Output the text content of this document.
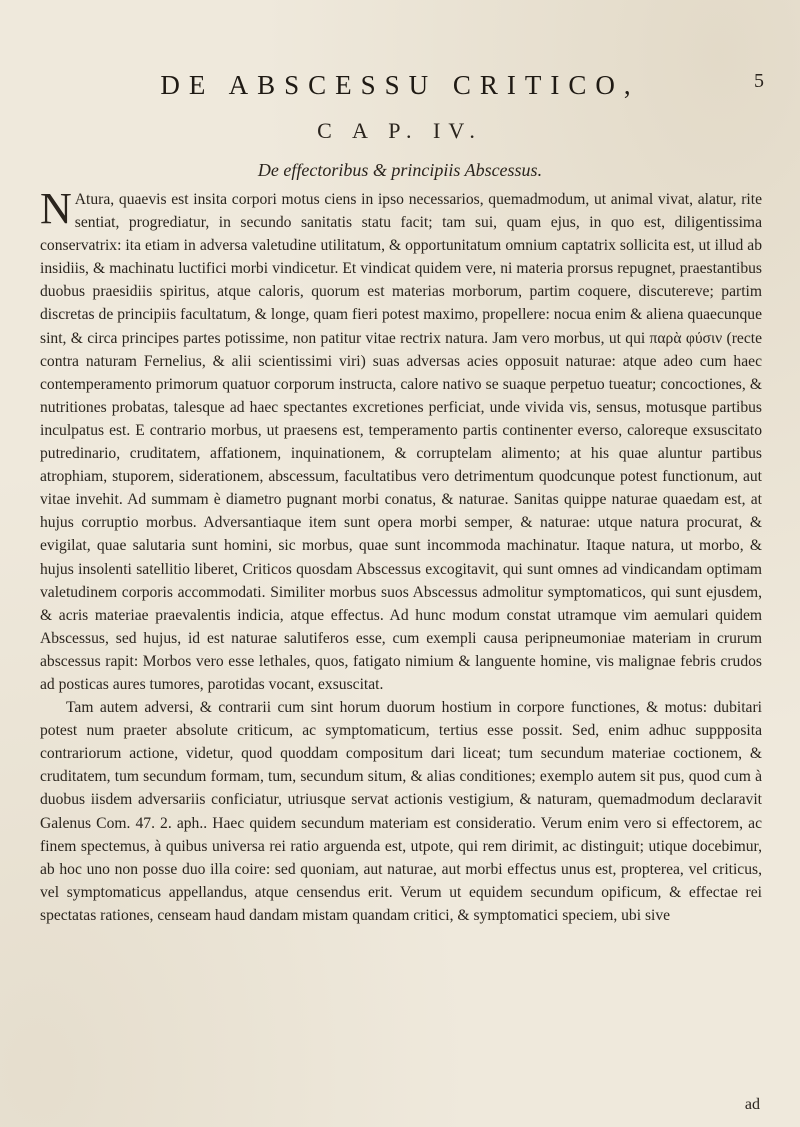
DE ABSCESSU CRITICO,	5
C A P. IV.
De effectoribus & principiis Abscessus.

N Atura, quaevis est insita corpori motus ciens in ipso necessarios, quemadmodum, ut animal vivat, alatur, rite sentiat, progrediatur, in secundo sanitatis statu facit; tam sui, quam ejus, in quo est, diligentissima conservatrix: ita etiam in adversa valetudine utilitatum, & opportunitatum omnium captatrix sollicita est, ut illud ab insidiis, & machinatu luctifici morbi vindicetur. Et vindicat quidem vere, ni materia prorsus repugnet, praestantibus duobus praesidiis spiritus, atque caloris, quorum est materias morborum, partim coquere, discutereve; partim discretas de principiis facultatum, & longe, quam fieri potest maximo, propellere: nocua enim & aliena quaecunque sint, & circa principes partes potissime, non patitur vitae rectrix natura. Jam vero morbus, ut qui παρὰ φύσιν (recte contra naturam Fernelius, & alii scientissimi viri) suas adversas acies opposuit naturae: atque adeo cum haec contemperamento primorum quatuor corporum instructa, calore nativo se suaque perpetuo tueatur; concoctiones, & nutritiones probatas, talesque ad haec spectantes excretiones perficiat, unde vivida vis, sensus, motusque partibus inculpatus est. E contrario morbus, ut praesens est, temperamento partis continenter everso, caloreque exsuscitato putredinario, cruditatem, affationem, inquinationem, & corruptelam alimento; at his quae aluntur partibus atrophiam, stuporem, siderationem, abscessum, facultatibus vero detrimentum quodcunque potest functionum, aut vitae invehit. Ad summam è diametro pugnant morbi conatus, & naturae. Sanitas quippe naturae quaedam est, at hujus corruptio morbus. Adversantiaque item sunt opera morbi semper, & naturae: utque natura procurat, & evigilat, quae salutaria sunt homini, sic morbus, quae sunt incommoda machinatur. Itaque natura, ut morbo, & hujus insolenti satellitio liberet, Criticos quosdam Abscessus excogitavit, qui sunt omnes ad vindicandam optimam valetudinem corporis accommodati. Similiter morbus suos Abscessus admolitur symptomaticos, qui sunt ejusdem, & acris materiae praevalentis indicia, atque effectus. Ad hunc modum constat utramque vim aemulari quidem Abscessus, sed hujus, id est naturae salutiferos esse, cum exempli causa peripneumoniae materiam in crurum abscessus rapit: Morbos vero esse lethales, quos, fatigato nimium & languente homine, vis malignae febris crudos ad posticas aures tumores, parotidas vocant, exsuscitat.

Tam autem adversi, & contrarii cum sint horum duorum hostium in corpore functiones, & motus: dubitari potest num praeter absolute criticum, ac symptomaticum, tertius esse possit. Sed, enim adhuc suppposita contrariorum actione, videtur, quod quoddam compositum dari liceat; tum secundum materiae coctionem, & cruditatem, tum secundum formam, tum, secundum situm, & alias conditiones; exemplo autem sit pus, quod cum à duobus iisdem adversariis conficiatur, utriusque servat actionis vestigium, & naturam, quemadmodum declaravit Galenus Com. 47. 2. aph.. Haec quidem secundum materiam est consideratio. Verum enim vero si effectorem, ac finem spectemus, à quibus universa rei ratio arguenda est, utpote, qui rem dirimit, ac distinguit; utique docebimur, ab hoc uno non posse duo illa coire: sed quoniam, aut naturae, aut morbi effectus unus est, propterea, vel criticus, vel symptomaticus appellandus, atque censendus erit. Verum ut equidem secundum opificum, & effectae rei spectatas rationes, censeam haud dandam mistam quandam critici, & symptomatici speciem, ubi sive

ad
